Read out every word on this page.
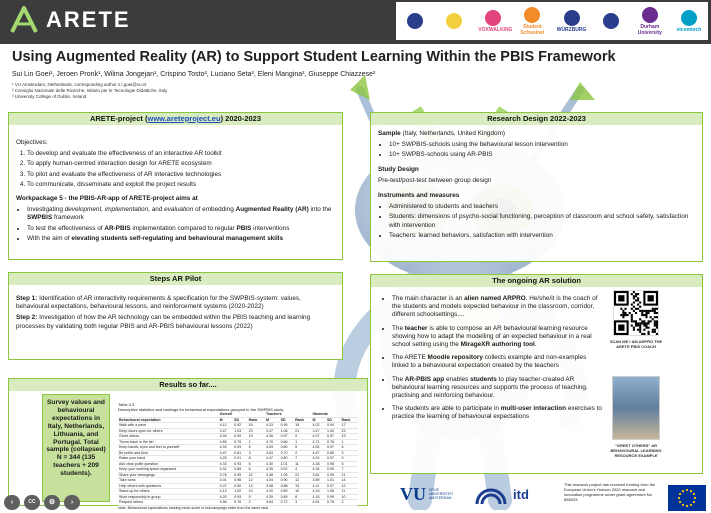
ARETE	VOXWALKING	Student Schoolnet	WÜRZBURG	Durham University	vicomtech
Using Augmented Reality (AR) to Support Student Learning Within the PBIS Framework
Sui Lin Goei¹, Jeroen Pronk¹, Wilma Jongejan¹, Crispino Tosto², Luciano Seta², Eleni Mangina³, Giuseppe Chiazzese²
¹ VU Amsterdam, Netherlands, corresponding author s.l.goei@vu.nl
² Consiglio Nazionale delle Ricerche, Istituto per le Tecnologie Didattiche, Italy
³ University College of Dublin, Ireland
ARETE-project (www.areteproject.eu) 2020-2023

Objectives:

1. To develop and evaluate the effectiveness of an interactive AR toolkit
2. To apply human-centred interaction design for ARETE ecosystem
3. To pilot and evaluate the effectiveness of AR interactive technologies
4. To communicate, disseminate and exploit the project results

Workpackage 5 - the PBIS-AR-app of ARETE-project aims at

• Investigating development, implementation, and evaluation of embedding Augmented Reality (AR) into the SWPBIS framework
• To test the effectiveness of AR-PBIS implementation compared to regular PBIS interventions
• With the aim of elevating students self-regulating and behavioural management skills
Steps AR Pilot

Step 1: Identification of AR interactivity requirements & specification for the SWPBIS-system: values, behavioural expectations, behavioural lessons, and reinforcement systems (2020-2022)

Step 2: Investigation of how the AR technology can be embedded within the PBIS teaching and learning processes by validating both regular PBIS and AR-PBIS behavioural lessons (2022)

Results so far....
Survey values and behavioural expectations in Italy, Netherlands, Lithuania, and Portugal. Total sample (collapsed) N = 344 (135 teachers + 209 students).
Table 3.3
Descriptive statistics and rankings for behavioural expectations grouped in the SWPBIS study
	Overall			Teachers			Students		
Behavioural expectation	M	SD	Rank	M	SD	Rank	M	SD	Rank
Walk with a pace	4.12	0.92	16	4.23	0.95	15	4.02	0.94	17
Keep doors open for others	3.47	1.03	23	3.47	1.06	21	3.47	1.00	23
Greet others	4.09	0.99	19	4.26	0.97	9	4.07	0.97	19
Throw trash in the bin	4.65	0.75	1	4.70	0.66	1	4.71	0.76	1
Keep hands, eyes and feet to yourself	4.33	0.93	5	4.53	0.80	5	4.52	0.97	6
Be polite and kind	4.47	0.81	3	4.63	0.70	2	4.47	0.85	3
Raise your hand	4.25	0.91	8	4.47	0.80	7	4.24	0.97	9
Ask clear polite question	4.33	0.93	6	4.30	1.01	11	4.38	0.98	5
Keep your working space organised	4.31	0.89	6	4.35	0.92	4	4.34	0.99	7
Share your belongings	3.76	0.95	22	3.48	1.05	22	3.81	0.99	21
Take turns	4.01	0.98	12	4.04	0.90	12	3.89	1.01	14
Help others with questions	4.07	0.90	13	4.08	0.88	13	4.11	0.97	12
Stand up for others	4.13	1.02	10	4.20	0.89	10	4.15	1.06	11
Work responsibly in group	4.20	0.93	9	4.39	0.89	8	4.16	0.99	10
Respect others	4.56	0.76	2	4.64	0.72	3	4.51	0.76	2
Note. Behavioural expectations ranking mean score in red/campaign order from the same rank.
Research Design 2022-2023

Sample (Italy, Netherlands, United Kingdom)

• 10+ SWPBIS-schools using the behavioural lesson intervention
• 10+ SWPBS-schools using AR-PBIS

Study Design

Pre-test/post-test between group design

Instruments and measures

• Administered to students and teachers
• Students: dimensions of psycho-social functioning, perception of classroom and school safety, satisfaction with intervention
• Teachers: learned behaviors, satisfaction with intervention
The ongoing AR solution
• The main character is an alien named ARPRO. He/she/it is the coach of the students and models expected behaviour in the classroom, corridor, different schoolsettings....
• The teacher is able to compose an AR behavioural learning resource showing how to adapt the modelling of an expected behaviour in a real school setting using the MirageXR authoring tool.
• The ARETE Moodle repository collects example and non-examples linked to a behavioural expectation created by the teachers
• The AR-PBIS app enables students to play teacher-created AR behavioural learning resources and supports the process of teaching, practising and reinforcing behaviour.
• The students are able to participate in multi-user interaction exercises to practice the learning of behavioural expectations
SCAN ME I AM ARPRO THE ARETE PBIS COACH
"GREET OTHERS" AR BEHAVIOURAL LEARNING RESOURCE EXAMPLE
VU VRIJE UNIVERSITEIT AMSTERDAM	itd
This research project has received funding from the European Union's Horizon 2020 research and innovation programme under grant agreement No 856533.
‹	CC	⚙	›
